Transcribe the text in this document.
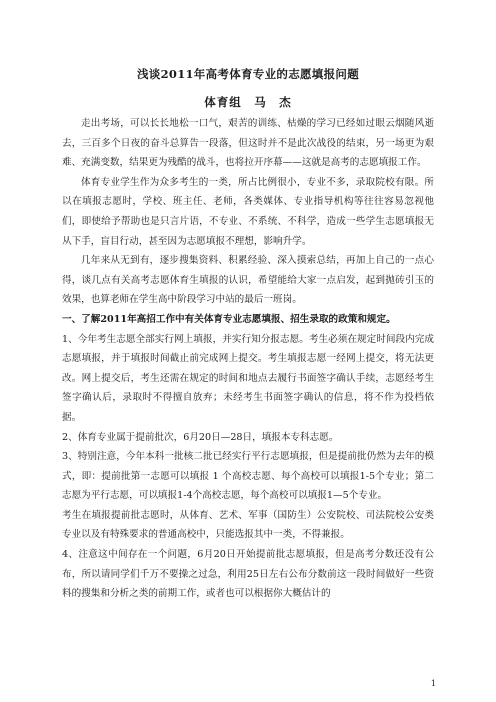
浅谈2011年高考体育专业的志愿填报问题
体育组　马　杰

走出考场，可以长长地松一口气，艰苦的训练、枯燥的学习已经如过眼云烟随风逝去，三百多个日夜的奋斗总算告一段落，但这时并不是此次战役的结束，另一场更为艰难、充满变数，结果更为残酷的战斗，也将拉开序幕——这就是高考的志愿填报工作。

体育专业学生作为众多考生的一类，所占比例很小，专业不多，录取院校有限。所以在填报志愿时，学校、班主任、老师，各类媒体、专业指导机构等往往容易忽视他们，即使给予帮助也是只言片语，不专业、不系统、不科学，造成一些学生志愿填报无从下手，盲目行动，甚至因为志愿填报不理想，影响升学。

几年来从无到有，逐步搜集资料、积累经验、深入摸索总结，再加上自己的一点心得，谈几点有关高考志愿体育生填报的认识，希望能给大家一点启发，起到抛砖引玉的效果，也算老师在学生高中阶段学习中站的最后一班岗。

一、了解2011年高招工作中有关体育专业志愿填报、招生录取的政策和规定。

1、今年考生志愿全部实行网上填报，并实行知分报志愿。考生必须在规定时间段内完成志愿填报，并于填报时间截止前完成网上提交。考生填报志愿一经网上提交，将无法更改。网上提交后，考生还需在规定的时间和地点去履行书面签字确认手续，志愿经考生签字确认后，录取时不得擅自放弃；未经考生书面签字确认的信息，将不作为投档依据。

2、体育专业属于提前批次，6月20日—28日，填报本专科志愿。

3、特别注意，今年本科一批核二批已经实行平行志愿填报，但是提前批仍然为去年的模式，即：提前批第一志愿可以填报 1 个高校志愿、每个高校可以填报1-5个专业；第二志愿为平行志愿，可以填报1-4个高校志愿，每个高校可以填报1—5个专业。

考生在填报提前批志愿时，从体育、艺术、军事（国防生）公安院校、司法院校公安类专业以及有特殊要求的普通高校中，只能选报其中一类，不得兼报。

4、注意这中间存在一个问题，6月20日开始提前批志愿填报，但是高考分数还没有公布，所以请同学们千万不要操之过急，利用25日左右公布分数前这一段时间做好一些资料的搜集和分析之类的前期工作，或者也可以根据你大概估计的

1
